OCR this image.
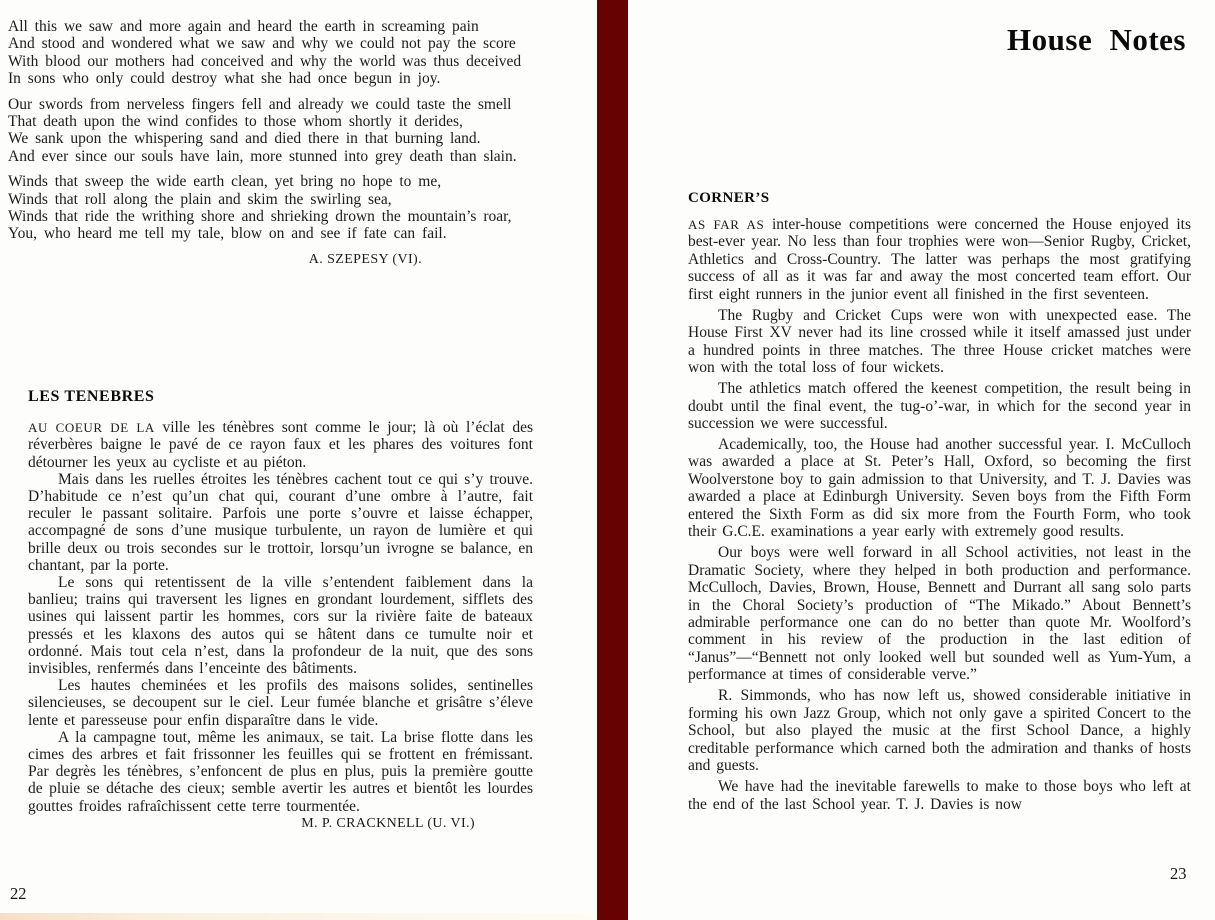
All this we saw and more again and heard the earth in screaming pain
And stood and wondered what we saw and why we could not pay the score
With blood our mothers had conceived and why the world was thus deceived
In sons who only could destroy what she had once begun in joy.
Our swords from nerveless fingers fell and already we could taste the smell
That death upon the wind confides to those whom shortly it derides,
We sank upon the whispering sand and died there in that burning land.
And ever since our souls have lain, more stunned into grey death than slain.
Winds that sweep the wide earth clean, yet bring no hope to me,
Winds that roll along the plain and skim the swirling sea,
Winds that ride the writhing shore and shrieking drown the mountain’s roar,
You, who heard me tell my tale, blow on and see if fate can fail.
A. SZEPESY (VI).
LES TENEBRES

AU COEUR DE LA ville les ténèbres sont comme le jour; là où l’éclat des réverbères baigne le pavé de ce rayon faux et les phares des voitures font détourner les yeux au cycliste et au piéton.

Mais dans les ruelles étroites les ténèbres cachent tout ce qui s’y trouve. D’habitude ce n’est qu’un chat qui, courant d’une ombre à l’autre, fait reculer le passant solitaire. Parfois une porte s’ouvre et laisse échapper, accompagné de sons d’une musique turbulente, un rayon de lumière et qui brille deux ou trois secondes sur le trottoir, lorsqu’un ivrogne se balance, en chantant, par la porte.

Le sons qui retentissent de la ville s’entendent faiblement dans la banlieu; trains qui traversent les lignes en grondant lourdement, sifflets des usines qui laissent partir les hommes, cors sur la rivière faite de bateaux pressés et les klaxons des autos qui se hâtent dans ce tumulte noir et ordonné. Mais tout cela n’est, dans la profondeur de la nuit, que des sons invisibles, renfermés dans l’enceinte des bâtiments.

Les hautes cheminées et les profils des maisons solides, sentinelles silencieuses, se decoupent sur le ciel. Leur fumée blanche et grisâtre s’éleve lente et paresseuse pour enfin disparaître dans le vide.

A la campagne tout, même les animaux, se tait. La brise flotte dans les cimes des arbres et fait frissonner les feuilles qui se frottent en frémissant. Par degrès les ténèbres, s’enfoncent de plus en plus, puis la première goutte de pluie se détache des cieux; semble avertir les autres et bientôt les lourdes gouttes froides rafraîchissent cette terre tourmentée.

M. P. CRACKNELL (U. VI.)
22
House Notes
CORNER’S

AS FAR AS inter-house competitions were concerned the House enjoyed its best-ever year. No less than four trophies were won—Senior Rugby, Cricket, Athletics and Cross-Country. The latter was perhaps the most gratifying success of all as it was far and away the most concerted team effort. Our first eight runners in the junior event all finished in the first seventeen.

The Rugby and Cricket Cups were won with unexpected ease. The House First XV never had its line crossed while it itself amassed just under a hundred points in three matches. The three House cricket matches were won with the total loss of four wickets.

The athletics match offered the keenest competition, the result being in doubt until the final event, the tug-o’-war, in which for the second year in succession we were successful.

Academically, too, the House had another successful year. I. McCulloch was awarded a place at St. Peter’s Hall, Oxford, so becoming the first Woolverstone boy to gain admission to that University, and T. J. Davies was awarded a place at Edinburgh University. Seven boys from the Fifth Form entered the Sixth Form as did six more from the Fourth Form, who took their G.C.E. examinations a year early with extremely good results.

Our boys were well forward in all School activities, not least in the Dramatic Society, where they helped in both production and performance. McCulloch, Davies, Brown, House, Bennett and Durrant all sang solo parts in the Choral Society’s production of “The Mikado.” About Bennett’s admirable performance one can do no better than quote Mr. Woolford’s comment in his review of the production in the last edition of “Janus”—“Bennett not only looked well but sounded well as Yum-Yum, a performance at times of considerable verve.”

R. Simmonds, who has now left us, showed considerable initiative in forming his own Jazz Group, which not only gave a spirited Concert to the School, but also played the music at the first School Dance, a highly creditable performance which carned both the admiration and thanks of hosts and guests.

We have had the inevitable farewells to make to those boys who left at the end of the last School year. T. J. Davies is now

23
